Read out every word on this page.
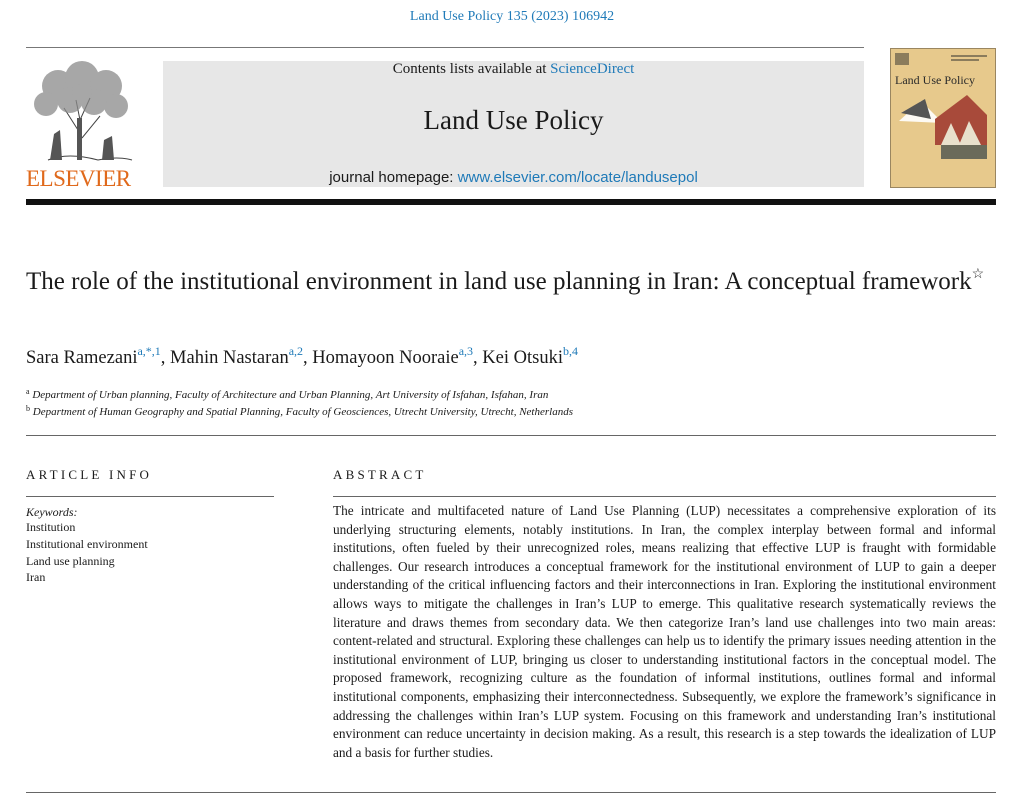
Land Use Policy 135 (2023) 106942
ELSEVIER
Contents lists available at ScienceDirect
Land Use Policy
journal homepage: www.elsevier.com/locate/landusepol
Land Use Policy
The role of the institutional environment in land use planning in Iran: A conceptual framework☆
Sara Ramezani$^{a,*,1}$, Mahin Nastaran$^{a,2}$, Homayoon Nooraie$^{a,3}$, Kei Otsuki$^{b,4}$
$^a$ Department of Urban planning, Faculty of Architecture and Urban Planning, Art University of Isfahan, Isfahan, Iran
$^b$ Department of Human Geography and Spatial Planning, Faculty of Geosciences, Utrecht University, Utrecht, Netherlands
ARTICLE INFO
Keywords:
Institution
Institutional environment
Land use planning
Iran
ABSTRACT

The intricate and multifaceted nature of Land Use Planning (LUP) necessitates a comprehensive exploration of its underlying structuring elements, notably institutions. In Iran, the complex interplay between formal and informal institutions, often fueled by their unrecognized roles, means realizing that effective LUP is fraught with formidable challenges. Our research introduces a conceptual framework for the institutional environment of LUP to gain a deeper understanding of the critical influencing factors and their interconnections in Iran. Exploring the institutional environment allows ways to mitigate the challenges in Iran’s LUP to emerge. This qualitative research systematically reviews the literature and draws themes from secondary data. We then categorize Iran’s land use challenges into two main areas: content-related and structural. Exploring these challenges can help us to identify the primary issues needing attention in the institutional environment of LUP, bringing us closer to understanding institutional factors in the conceptual model. The proposed framework, recognizing culture as the foundation of informal institutions, outlines formal and informal institutional components, emphasizing their interconnectedness. Subsequently, we explore the framework’s significance in addressing the challenges within Iran’s LUP system. Focusing on this framework and understanding Iran’s institutional environment can reduce uncertainty in decision making. As a result, this research is a step towards the idealization of LUP and a basis for further studies.
